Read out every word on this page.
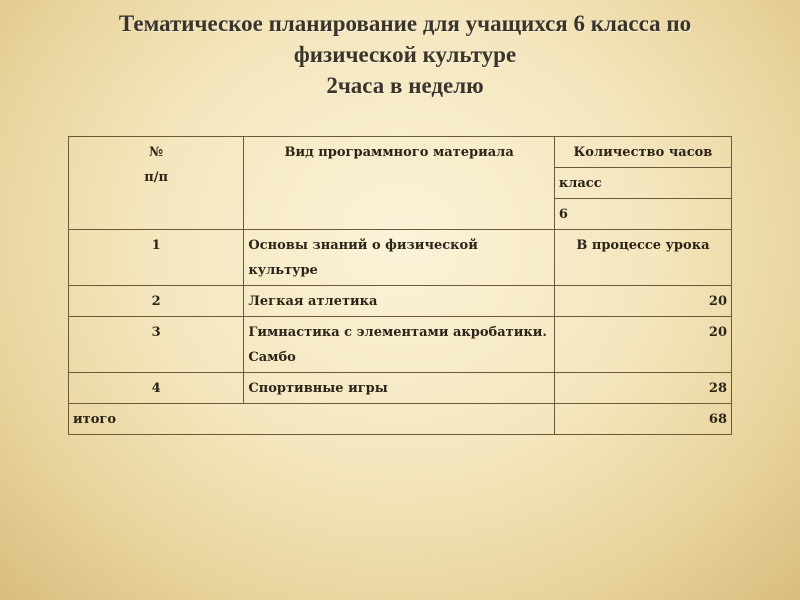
Тематическое планирование для учащихся 6 класса по
физической культуре
2часа в неделю
№
п/п	Вид программного материала	Количество часов
		класс
		6
1	Основы знаний о физической культуре	В процессе урока
2	Легкая атлетика	20
3	Гимнастика с элементами акробатики. Самбо	20
4	Спортивные игры	28
итого		68
